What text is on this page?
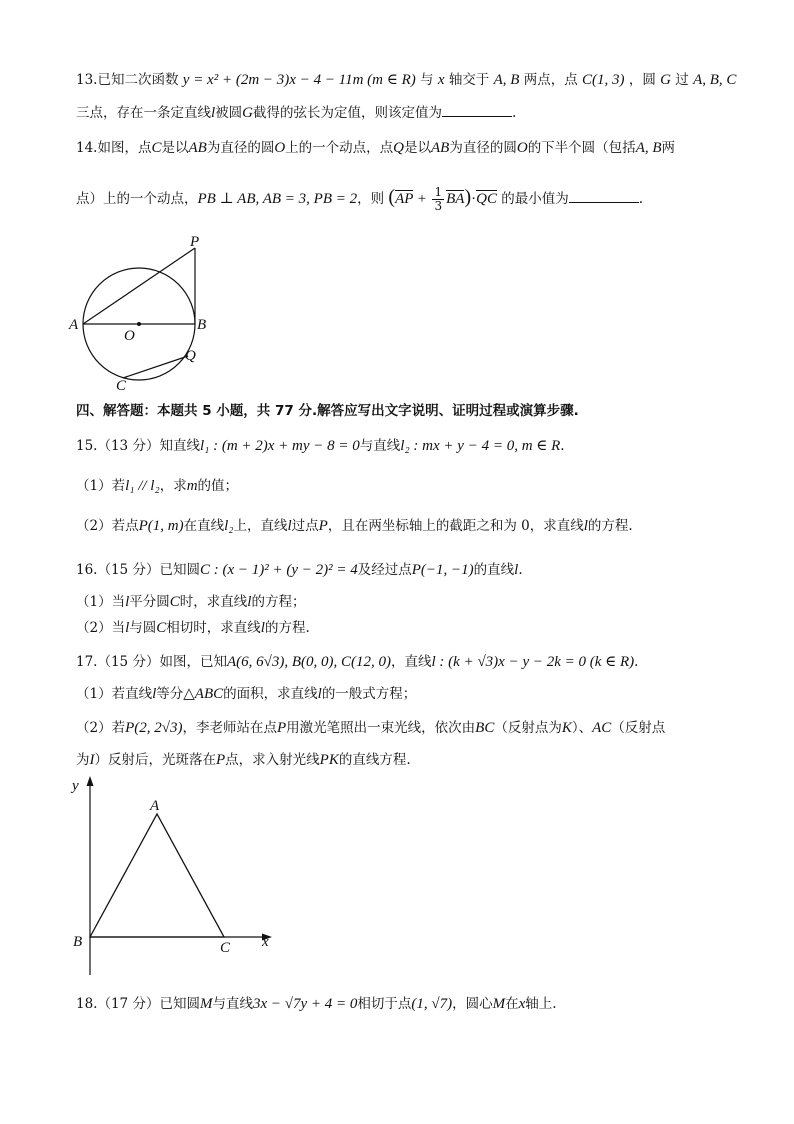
13.已知二次函数 y = x² + (2m − 3)x − 4 − 11m (m ∈ R) 与 x 轴交于 A, B 两点，点 C(1, 3) ，圆 G 过 A, B, C
三点，存在一条定直线l被圆G截得的弦长为定值，则该定值为	.
14.如图，点C是以AB为直径的圆O上的一个动点，点Q是以AB为直径的圆O的下半个圆（包括A, B两
点）上的一个动点，PB ⊥ AB, AB = 3, PB = 2，则 $(AP + \frac{1}{3} BA)\cdot QC$ 的最小值为	.
A	B
O
P
Q
C
四、解答题：本题共 5 小题，共 77 分.解答应写出文字说明、证明过程或演算步骤.
15.（13 分）知直线l₁ : (m + 2)x + my − 8 = 0与直线l₂ : mx + y − 4 = 0, m ∈ R.
（1）若l₁ // l₂，求m的值；
（2）若点P(1, m)在直线l₂上，直线l过点P，且在两坐标轴上的截距之和为 0，求直线l的方程.
16.（15 分）已知圆C : (x − 1)² + (y − 2)² = 4及经过点P(−1, −1)的直线l.
（1）当l平分圆C时，求直线l的方程；
（2）当l与圆C相切时，求直线l的方程.
17.（15 分）如图，已知A(6, 6√3), B(0, 0), C(12, 0)，直线l : (k + √3)x − y − 2k = 0 (k ∈ R).
（1）若直线l等分△ABC的面积，求直线l的一般式方程；
（2）若P(2, 2√3)，李老师站在点P用激光笔照出一束光线，依次由BC（反射点为K）、AC（反射点
为I）反射后，光斑落在P点，求入射光线PK的直线方程.
y
x
A
B	C
18.（17 分）已知圆M与直线3x − √7y + 4 = 0相切于点(1, √7)，圆心M在x轴上.
